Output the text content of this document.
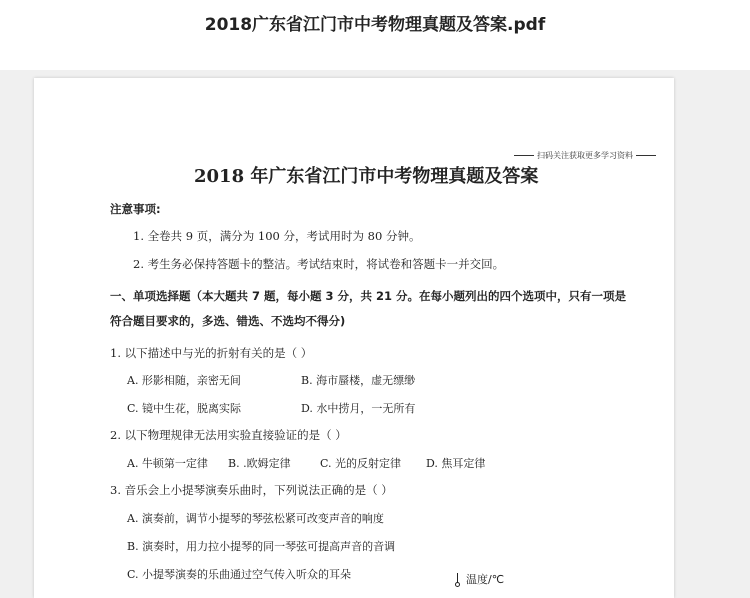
2018广东省江门市中考物理真题及答案.pdf
扫码关注获取更多学习资料
2018 年广东省江门市中考物理真题及答案
注意事项:
1. 全卷共 9 页，满分为 100 分，考试用时为 80 分钟。
2. 考生务必保持答题卡的整洁。考试结束时，将试卷和答题卡一并交回。
一、单项选择题（本大题共 7 题，每小题 3 分，共 21 分。在每小题列出的四个选项中，只有一项是
符合题目要求的，多选、错选、不选均不得分)
1. 以下描述中与光的折射有关的是（ ）
A. 形影相随，亲密无间	B. 海市蜃楼，虚无缥缈
C. 镜中生花，脱离实际	D. 水中捞月，一无所有
2. 以下物理规律无法用实验直接验证的是（ ）
A. 牛顿第一定律 B. .欧姆定律	C. 光的反射定律 D. 焦耳定律
3. 音乐会上小提琴演奏乐曲时，下列说法正确的是（ ）
A. 演奏前，调节小提琴的琴弦松紧可改变声音的响度
B. 演奏时，用力拉小提琴的同一琴弦可提高声音的音调
C. 小提琴演奏的乐曲通过空气传入听众的耳朵	温度/℃
